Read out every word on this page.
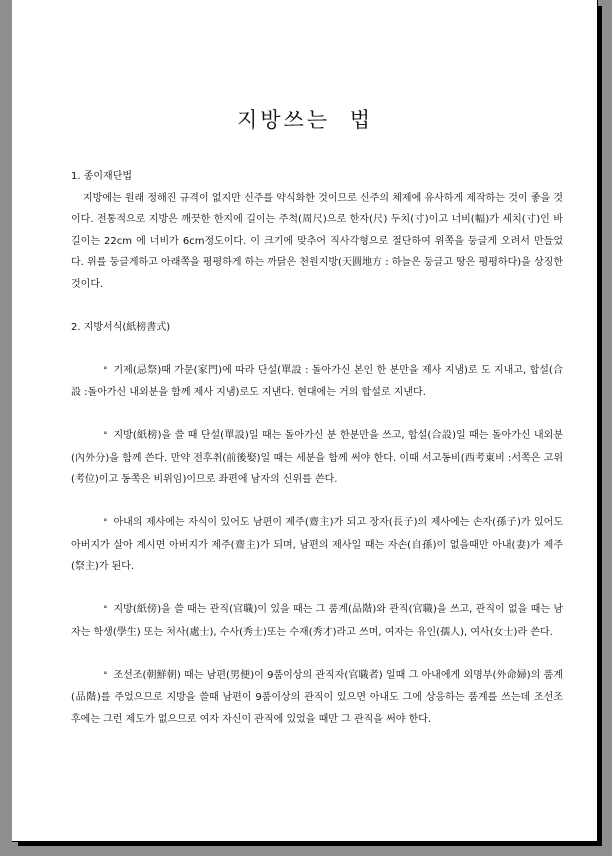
지방쓰는 법

1. 종이재단법

지방에는 원래 정해진 규격이 없지만 신주를 약식화한 것이므로 신주의 체제에 유사하게 제작하는 것이 좋을 것이다. 전통적으로 지방은 깨끗한 한지에 길이는 주척(周尺)으로 한자(尺) 두치(寸)이고 너비(幅)가 세치(寸)인 바 길이는 22cm 에 너비가 6cm정도이다. 이 크기에 맞추어 직사각형으로 절단하여 위쪽을 둥글게 오려서 만들었다. 위를 둥글게하고 아래쪽을 평평하게 하는 까닭은 천원지방(天圓地方 : 하늘은 둥글고 땅은 평평하다)을 상징한 것이다.

2. 지방서식(紙榜書式)

° 기제(忌祭)때 가문(家門)에 따라 단설(單設 : 돌아가신 본인 한 분만을 제사 지냄)로 도 지내고, 합설(合設 :돌아가신 내외분을 함께 제사 지냄)로도 지낸다. 현대에는 거의 합설로 지낸다.

° 지방(紙榜)을 쓸 때 단설(單設)일 때는 돌아가신 분 한분만을 쓰고, 합설(合設)일 때는 돌아가신 내외분(內外分)을 함께 쓴다. 만약 전후취(前後娶)일 때는 세분을 함께 써야 한다. 이때 서고동비(西考東비 :서쪽은 고위(考位)이고 동쪽은 비위임)이므로 좌편에 남자의 신위를 쓴다.

° 아내의 제사에는 자식이 있어도 남편이 제주(齋主)가 되고 장자(長子)의 제사에는 손자(孫子)가 있어도 아버지가 살아 계시면 아버지가 제주(齋主)가 되며, 남편의 제사일 때는 자손(自孫)이 없을때만 아내(妻)가 제주(祭主)가 된다.

° 지방(紙傍)을 쓸 때는 관직(官職)이 있을 때는 그 품계(品階)와 관직(官職)을 쓰고, 관직이 없을 때는 남자는 학생(學生) 또는 처사(處士), 수사(秀士)또는 수재(秀才)라고 쓰며, 여자는 유인(孺人), 여사(女士)라 쓴다.

° 조선조(朝鮮朝) 때는 남편(男便)이 9품이상의 관직자(官職者) 일때 그 아내에게 외명부(外命婦)의 품계(品階)를 주었으므로 지방을 쓸때 남편이 9품이상의 관직이 있으면 아내도 그에 상응하는 품계를 쓰는데 조선조 후에는 그런 제도가 없으므로 여자 자신이 관직에 있었을 때만 그 관직을 써야 한다.
